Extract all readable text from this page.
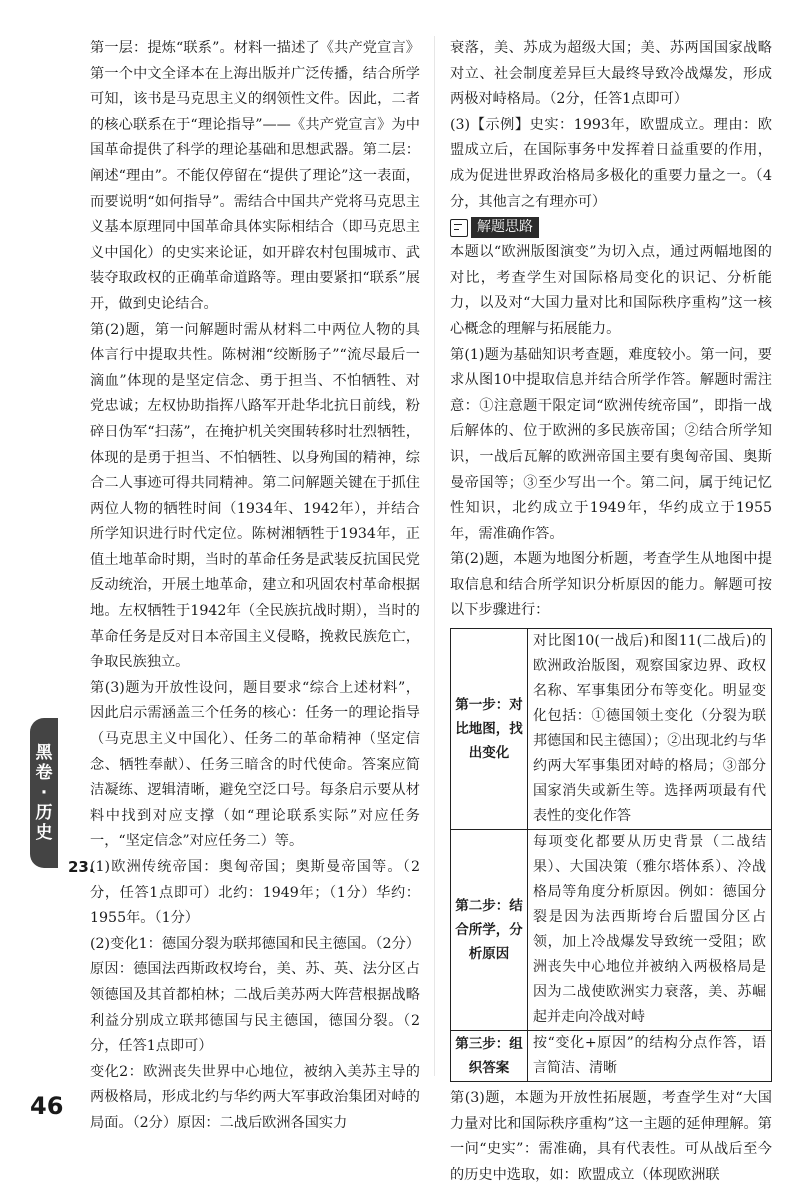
第一层：提炼“联系”。材料一描述了《共产党宣言》第一个中文全译本在上海出版并广泛传播，结合所学可知，该书是马克思主义的纲领性文件。因此，二者的核心联系在于“理论指导”——《共产党宣言》为中国革命提供了科学的理论基础和思想武器。第二层：阐述“理由”。不能仅停留在“提供了理论”这一表面，而要说明“如何指导”。需结合中国共产党将马克思主义基本原理同中国革命具体实际相结合（即马克思主义中国化）的史实来论证，如开辟农村包围城市、武装夺取政权的正确革命道路等。理由要紧扣“联系”展开，做到史论结合。

第(2)题，第一问解题时需从材料二中两位人物的具体言行中提取共性。陈树湘“绞断肠子”“流尽最后一滴血”体现的是坚定信念、勇于担当、不怕牺牲、对党忠诚；左权协助指挥八路军开赴华北抗日前线，粉碎日伪军“扫荡”，在掩护机关突围转移时壮烈牺牲，体现的是勇于担当、不怕牺牲、以身殉国的精神，综合二人事迹可得共同精神。第二问解题关键在于抓住两位人物的牺牲时间（1934年、1942年），并结合所学知识进行时代定位。陈树湘牺牲于1934年，正值土地革命时期，当时的革命任务是武装反抗国民党反动统治，开展土地革命，建立和巩固农村革命根据地。左权牺牲于1942年（全民族抗战时期），当时的革命任务是反对日本帝国主义侵略，挽救民族危亡，争取民族独立。

第(3)题为开放性设问，题目要求“综合上述材料”，因此启示需涵盖三个任务的核心：任务一的理论指导（马克思主义中国化）、任务二的革命精神（坚定信念、牺牲奉献）、任务三暗含的时代使命。答案应简洁凝练、逻辑清晰，避免空泛口号。每条启示要从材料中找到对应支撑（如“理论联系实际”对应任务一，“坚定信念”对应任务二）等。

23.

(1)欧洲传统帝国：奥匈帝国；奥斯曼帝国等。（2分，任答1点即可）北约：1949年；（1分）华约：1955年。（1分）

(2)变化1：德国分裂为联邦德国和民主德国。（2分）原因：德国法西斯政权垮台，美、苏、英、法分区占领德国及其首都柏林；二战后美苏两大阵营根据战略利益分别成立联邦德国与民主德国，德国分裂。（2分，任答1点即可）

变化2：欧洲丧失世界中心地位，被纳入美苏主导的两极格局，形成北约与华约两大军事政治集团对峙的局面。（2分）原因：二战后欧洲各国实力

衰落，美、苏成为超级大国；美、苏两国国家战略对立、社会制度差异巨大最终导致冷战爆发，形成两极对峙格局。（2分，任答1点即可）

(3)【示例】史实：1993年，欧盟成立。理由：欧盟成立后，在国际事务中发挥着日益重要的作用，成为促进世界政治格局多极化的重要力量之一。（4分，其他言之有理亦可）

解题思路

本题以“欧洲版图演变”为切入点，通过两幅地图的对比，考查学生对国际格局变化的识记、分析能力，以及对“大国力量对比和国际秩序重构”这一核心概念的理解与拓展能力。

第(1)题为基础知识考查题，难度较小。第一问，要求从图10中提取信息并结合所学作答。解题时需注意：①注意题干限定词“欧洲传统帝国”，即指一战后解体的、位于欧洲的多民族帝国；②结合所学知识，一战后瓦解的欧洲帝国主要有奥匈帝国、奥斯曼帝国等；③至少写出一个。第二问，属于纯记忆性知识，北约成立于1949年，华约成立于1955年，需准确作答。

第(2)题，本题为地图分析题，考查学生从地图中提取信息和结合所学知识分析原因的能力。解题可按以下步骤进行：

第一步：对比地图，找出变化	对比图10(一战后)和图11(二战后)的欧洲政治版图，观察国家边界、政权名称、军事集团分布等变化。明显变化包括：①德国领土变化（分裂为联邦德国和民主德国）；②出现北约与华约两大军事集团对峙的格局；③部分国家消失或新生等。选择两项最有代表性的变化作答
第二步：结合所学，分析原因	每项变化都要从历史背景（二战结果）、大国决策（雅尔塔体系）、冷战格局等角度分析原因。例如：德国分裂是因为法西斯垮台后盟国分区占领，加上冷战爆发导致统一受阻；欧洲丧失中心地位并被纳入两极格局是因为二战使欧洲实力衰落，美、苏崛起并走向冷战对峙
第三步：组织答案	按“变化+原因”的结构分点作答，语言简洁、清晰

第(3)题，本题为开放性拓展题，考查学生对“大国力量对比和国际秩序重构”这一主题的延伸理解。第一问“史实”：需准确，具有代表性。可从战后至今的历史中选取，如：欧盟成立（体现欧洲联

黑
卷
·
历
史
46
